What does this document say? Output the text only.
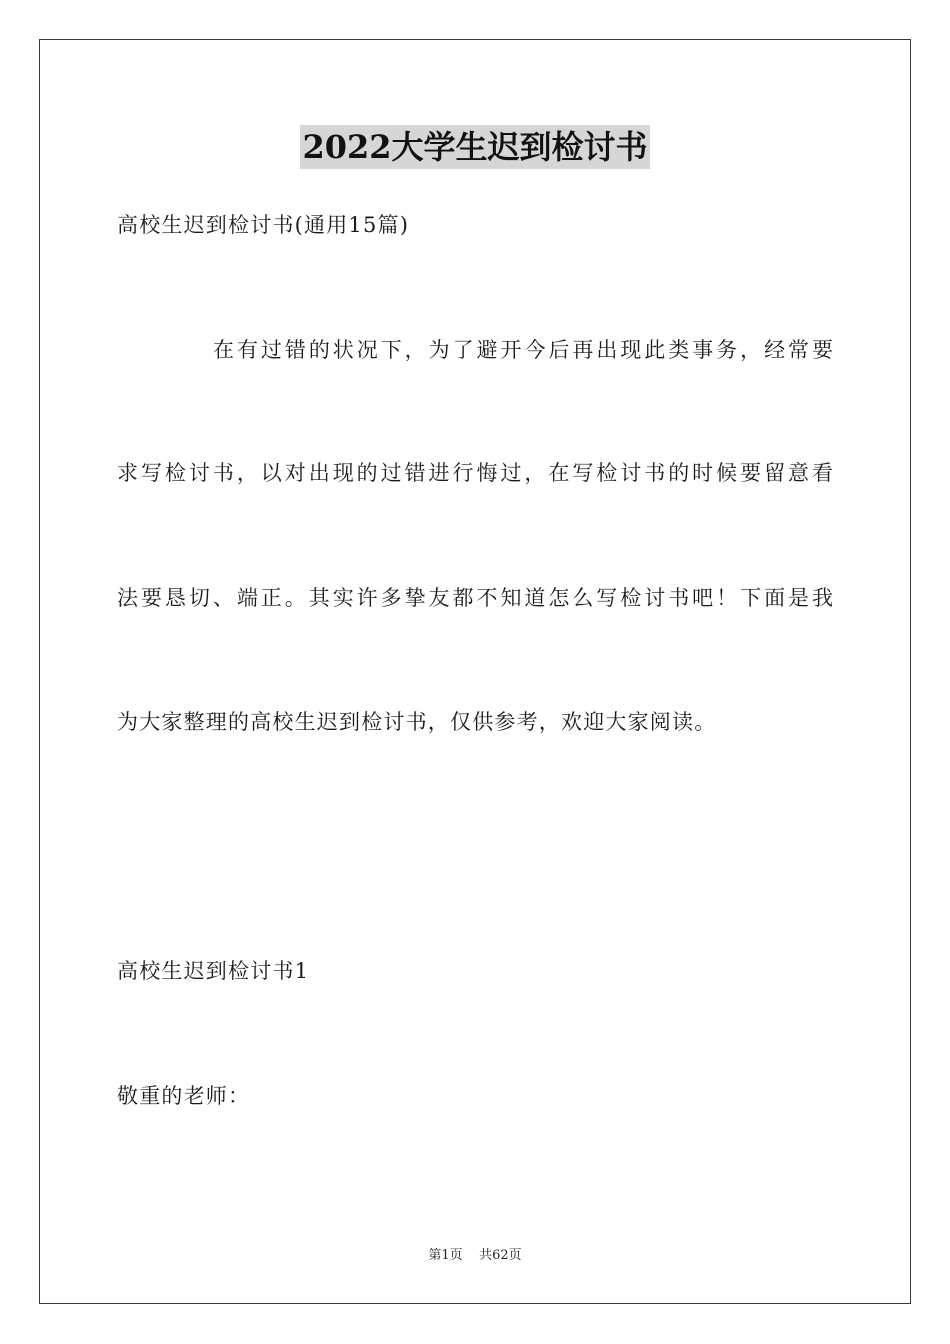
2022大学生迟到检讨书
高校生迟到检讨书(通用15篇)
在有过错的状况下，为了避开今后再出现此类事务，经常要
求写检讨书，以对出现的过错进行悔过，在写检讨书的时候要留意看
法要恳切、端正。其实许多挚友都不知道怎么写检讨书吧！下面是我
为大家整理的高校生迟到检讨书，仅供参考，欢迎大家阅读。
高校生迟到检讨书1
敬重的老师：
第1页 共62页
